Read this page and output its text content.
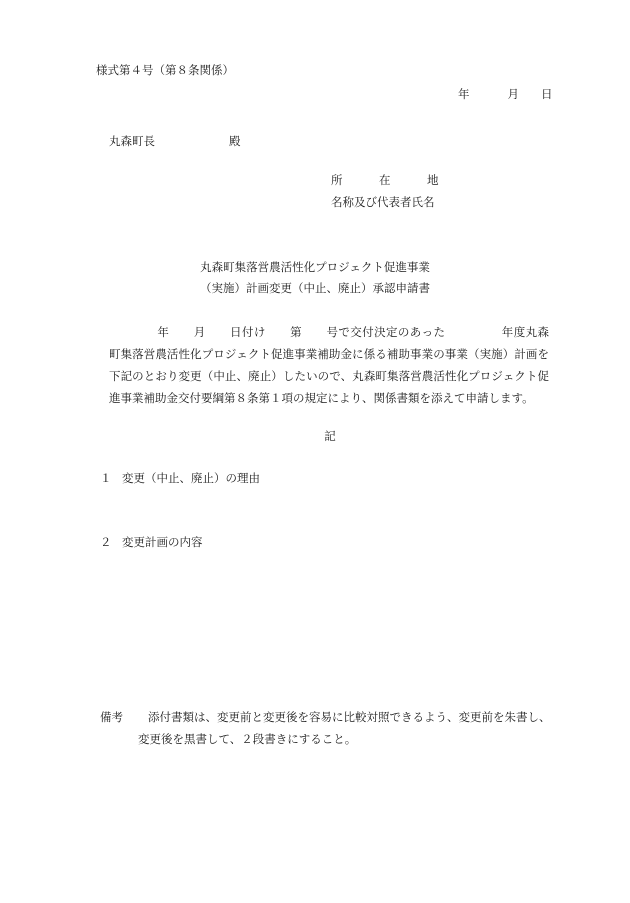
様式第４号（第８条関係）
年	月 日
丸森町長	殿
所	在	地
名称及び代表者氏名
丸森町集落営農活性化プロジェクト促進事業
（実施）計画変更（中止、廃止）承認申請書
年 月 日付け 第 号で交付決定のあった	年度丸森町集落営農活性化プロジェクト促進事業補助金に係る補助事業の事業（実施）計画を下記のとおり変更（中止、廃止）したいので、丸森町集落営農活性化プロジェクト促進事業補助金交付要綱第８条第１項の規定により、関係書類を添えて申請します。
記
１ 変更（中止、廃止）の理由
２ 変更計画の内容
備考 添付書類は、変更前と変更後を容易に比較対照できるよう、変更前を朱書し、
変更後を黒書して、２段書きにすること。
